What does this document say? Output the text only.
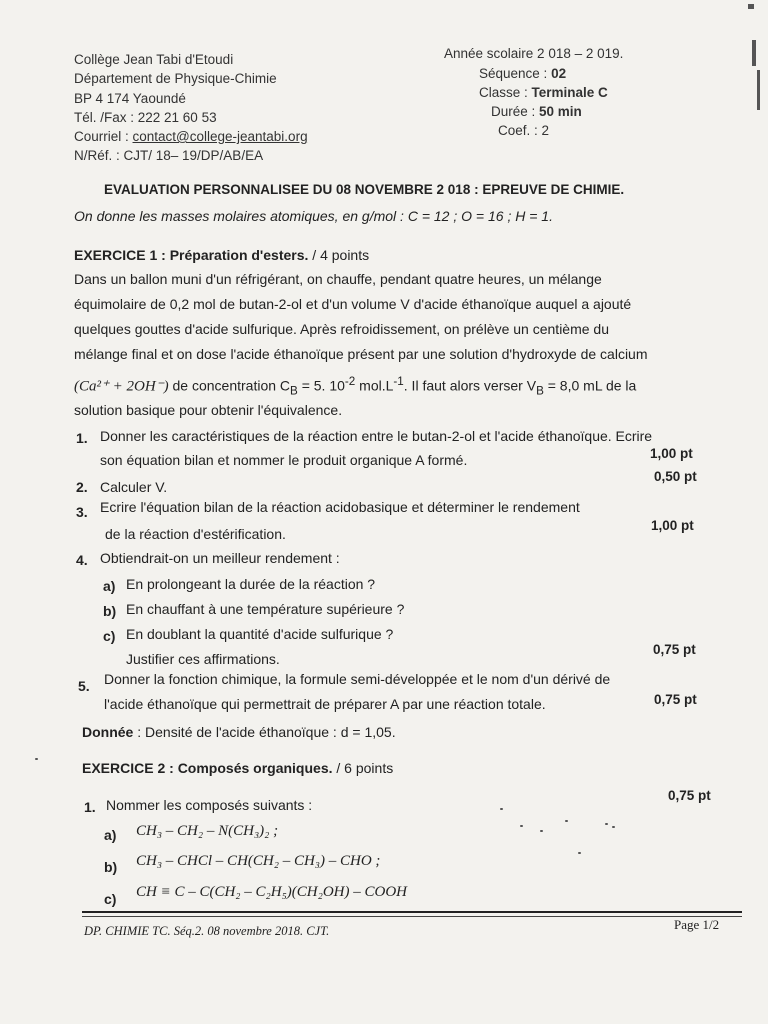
Collège Jean Tabi d'Etoudi
Département de Physique-Chimie
BP 4 174 Yaoundé
Tél. /Fax : 222 21 60 53
Courriel : contact@college-jeantabi.org
N/Réf. : CJT/ 18– 19/DP/AB/EA
Année scolaire 2 018 – 2 019.
Séquence : 02
Classe : Terminale C
Durée : 50 min
Coef. : 2
EVALUATION PERSONNALISEE DU 08 NOVEMBRE 2 018 : EPREUVE DE CHIMIE.
On donne les masses molaires atomiques, en g/mol : C = 12 ; O = 16 ; H = 1.
EXERCICE 1 : Préparation d'esters. / 4 points
Dans un ballon muni d'un réfrigérant, on chauffe, pendant quatre heures, un mélange
équimolaire de 0,2 mol de butan-2-ol et d'un volume V d'acide éthanoïque auquel a ajouté
quelques gouttes d'acide sulfurique. Après refroidissement, on prélève un centième du
mélange final et on dose l'acide éthanoïque présent par une solution d'hydroxyde de calcium
(Ca²⁺ + 2OH⁻) de concentration $C_B = 5$. $10^{-2}$ $mol.L^{-1}$. Il faut alors verser $V_B = 8,0$ mL de la
solution basique pour obtenir l'équivalence.
1. Donner les caractéristiques de la réaction entre le butan-2-ol et l'acide éthanoïque. Ecrire
son équation bilan et nommer le produit organique A formé.	1,00 pt
2. Calculer V.
0,50 pt
3. Ecrire l'équation bilan de la réaction acidobasique et déterminer le rendement
de la réaction d'estérification.
1,00 pt
4. Obtiendrait-on un meilleur rendement :
a) En prolongeant la durée de la réaction ?
b) En chauffant à une température supérieure ?
c) En doublant la quantité d'acide sulfurique ?
Justifier ces affirmations.
0,75 pt
5. Donner la fonction chimique, la formule semi-développée et le nom d'un dérivé de
l'acide éthanoïque qui permettrait de préparer A par une réaction totale.	0,75 pt
Donnée : Densité de l'acide éthanoïque : d = 1,05.
EXERCICE 2 : Composés organiques. / 6 points
1. Nommer les composés suivants :
0,75 pt
a) CH₃ – CH₂ – N(CH₃)₂ ;
b) CH₃ – CHCl – CH(CH₂ – CH₃) – CHO ;
c) CH ≡ C – C(CH₂ – C₂H₅)(CH₂OH) – COOH
DP. CHIMIE TC. Séq.2. 08 novembre 2018. CJT.	Page 1/2
